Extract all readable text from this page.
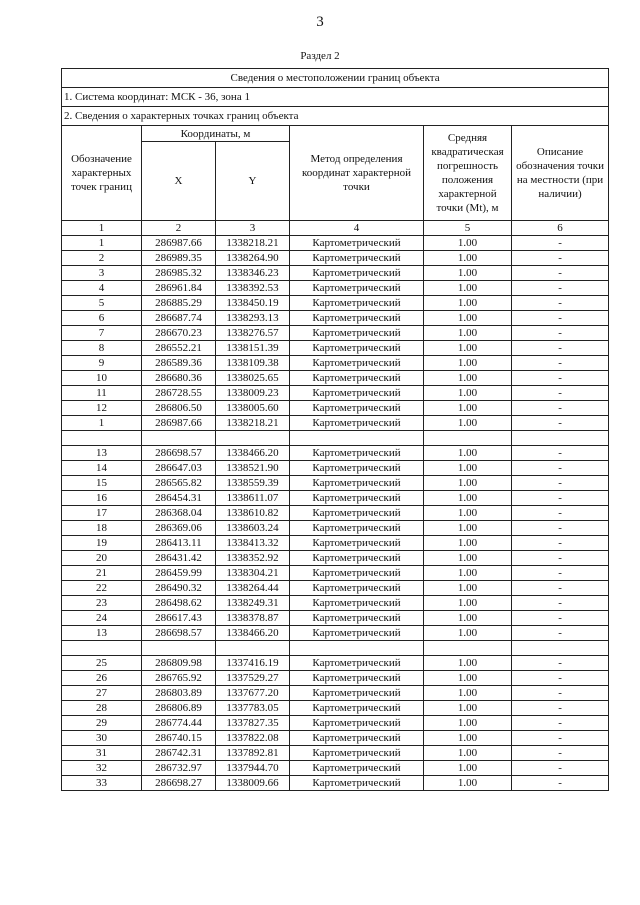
3
Раздел 2
Сведения о местоположении границ объекта					
1. Система координат: МСК - 36, зона 1					
2. Сведения о характерных точках границ объекта					
Обозначение характерных точек границ	Координаты, м		Метод определения координат характерной точки	Средняя квадратическая погрешность положения характерной точки (Mt), м	Описание обозначения точки на местности (при наличии)
	X	Y			
1	2	3	4	5	6
1	286987.66	1338218.21	Картометрический	1.00	-
2	286989.35	1338264.90	Картометрический	1.00	-
3	286985.32	1338346.23	Картометрический	1.00	-
4	286961.84	1338392.53	Картометрический	1.00	-
5	286885.29	1338450.19	Картометрический	1.00	-
6	286687.74	1338293.13	Картометрический	1.00	-
7	286670.23	1338276.57	Картометрический	1.00	-
8	286552.21	1338151.39	Картометрический	1.00	-
9	286589.36	1338109.38	Картометрический	1.00	-
10	286680.36	1338025.65	Картометрический	1.00	-
11	286728.55	1338009.23	Картометрический	1.00	-
12	286806.50	1338005.60	Картометрический	1.00	-
1	286987.66	1338218.21	Картометрический	1.00	-

13	286698.57	1338466.20	Картометрический	1.00	-
14	286647.03	1338521.90	Картометрический	1.00	-
15	286565.82	1338559.39	Картометрический	1.00	-
16	286454.31	1338611.07	Картометрический	1.00	-
17	286368.04	1338610.82	Картометрический	1.00	-
18	286369.06	1338603.24	Картометрический	1.00	-
19	286413.11	1338413.32	Картометрический	1.00	-
20	286431.42	1338352.92	Картометрический	1.00	-
21	286459.99	1338304.21	Картометрический	1.00	-
22	286490.32	1338264.44	Картометрический	1.00	-
23	286498.62	1338249.31	Картометрический	1.00	-
24	286617.43	1338378.87	Картометрический	1.00	-
13	286698.57	1338466.20	Картометрический	1.00	-

25	286809.98	1337416.19	Картометрический	1.00	-
26	286765.92	1337529.27	Картометрический	1.00	-
27	286803.89	1337677.20	Картометрический	1.00	-
28	286806.89	1337783.05	Картометрический	1.00	-
29	286774.44	1337827.35	Картометрический	1.00	-
30	286740.15	1337822.08	Картометрический	1.00	-
31	286742.31	1337892.81	Картометрический	1.00	-
32	286732.97	1337944.70	Картометрический	1.00	-
33	286698.27	1338009.66	Картометрический	1.00	-
